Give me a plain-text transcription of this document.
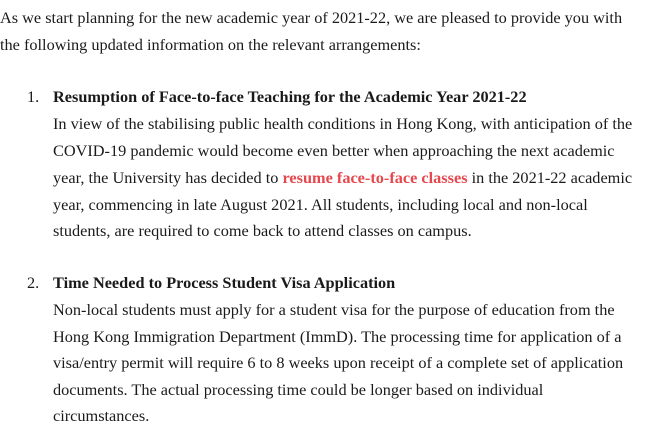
As we start planning for the new academic year of 2021-22, we are pleased to provide you with
the following updated information on the relevant arrangements:
1. Resumption of Face-to-face Teaching for the Academic Year 2021-22
In view of the stabilising public health conditions in Hong Kong, with anticipation of the
COVID-19 pandemic would become even better when approaching the next academic
year, the University has decided to resume face-to-face classes in the 2021-22 academic
year, commencing in late August 2021. All students, including local and non-local
students, are required to come back to attend classes on campus.
2. Time Needed to Process Student Visa Application
Non-local students must apply for a student visa for the purpose of education from the
Hong Kong Immigration Department (ImmD). The processing time for application of a
visa/entry permit will require 6 to 8 weeks upon receipt of a complete set of application
documents. The actual processing time could be longer based on individual
circumstances.
